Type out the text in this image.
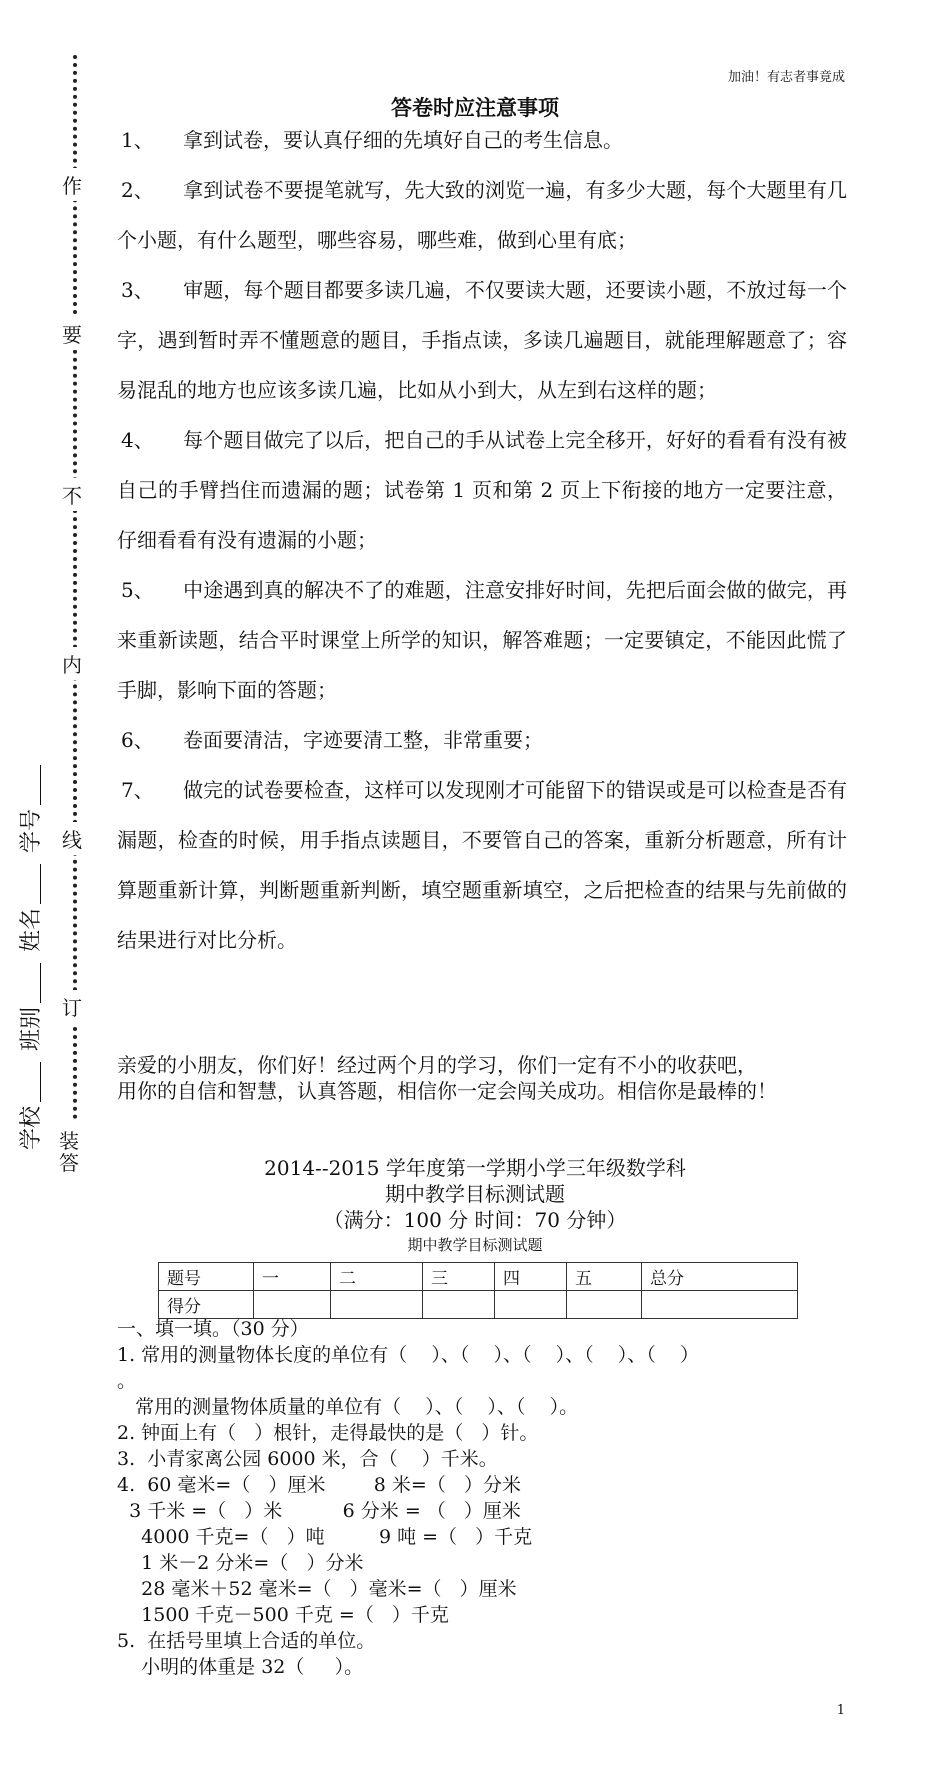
加油！有志者事竟成
作
要
不
内
线
订
装
答
学校 班别 姓名 学号
答卷时应注意事项

1、 拿到试卷，要认真仔细的先填好自己的考生信息。

2、 拿到试卷不要提笔就写，先大致的浏览一遍，有多少大题，每个大题里有几个小题，有什么题型，哪些容易，哪些难，做到心里有底；

3、 审题，每个题目都要多读几遍，不仅要读大题，还要读小题，不放过每一个字，遇到暂时弄不懂题意的题目，手指点读，多读几遍题目，就能理解题意了；容易混乱的地方也应该多读几遍，比如从小到大，从左到右这样的题；

4、 每个题目做完了以后，把自己的手从试卷上完全移开，好好的看看有没有被自己的手臂挡住而遗漏的题；试卷第 1 页和第 2 页上下衔接的地方一定要注意，仔细看看有没有遗漏的小题；

5、 中途遇到真的解决不了的难题，注意安排好时间，先把后面会做的做完，再来重新读题，结合平时课堂上所学的知识，解答难题；一定要镇定，不能因此慌了手脚，影响下面的答题；

6、 卷面要清洁，字迹要清工整，非常重要；

7、 做完的试卷要检查，这样可以发现刚才可能留下的错误或是可以检查是否有漏题，检查的时候，用手指点读题目，不要管自己的答案，重新分析题意，所有计算题重新计算，判断题重新判断，填空题重新填空，之后把检查的结果与先前做的结果进行对比分析。

亲爱的小朋友，你们好！经过两个月的学习，你们一定有不小的收获吧，

用你的自信和智慧，认真答题，相信你一定会闯关成功。相信你是最棒的！

2014--2015 学年度第一学期小学三年级数学科

期中教学目标测试题

（满分：100 分 时间：70 分钟）

期中教学目标测试题
题号	一	二	三	四	五	总分
得分						

一、填一填。（30 分）

1. 常用的测量物体长度的单位有（    ）、（    ）、（    ）、（    ）、（    ）

。

常用的测量物体质量的单位有（    ）、（    ）、（    ）。

2. 钟面上有（   ）根针，走得最快的是（   ）针。

3.  小青家离公园 6000 米，合（    ）千米。

4.  60 毫米=（   ）厘米        8 米=（   ）分米

3 千米 =（   ）米          6 分米 = （   ）厘米

4000 千克=（   ）吨         9 吨 =（   ）千克

1 米－2 分米=（   ）分米

28 毫米＋52 毫米=（   ）毫米=（   ）厘米

1500 千克－500 千克 =（   ）千克

5.  在括号里填上合适的单位。

小明的体重是 32（     ）。

1
